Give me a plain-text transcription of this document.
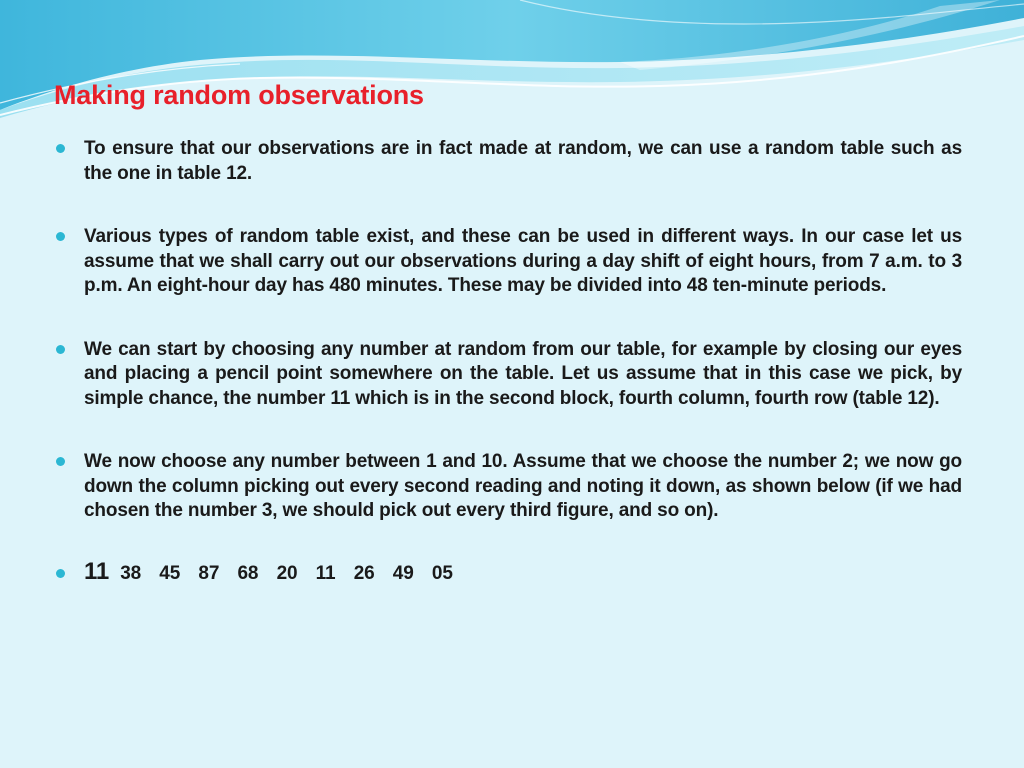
Making random observations
To ensure that our observations are in fact made at random, we can use a random table such as the one in table 12.
Various types of random table exist, and these can be used in different ways. In our case let us assume that we shall carry out our observations during a day shift of eight hours, from 7 a.m. to 3 p.m. An eight-hour day has 480 minutes. These may be divided into 48 ten-minute periods.
We can start by choosing any number at random from our table, for example by closing our eyes and placing a pencil point somewhere on the table. Let us assume that in this case we pick, by simple chance, the number 11 which is in the second block, fourth column, fourth row (table 12).
We now choose any number between 1 and 10. Assume that we choose the number 2; we now go down the column picking out every second reading and noting it down, as shown below (if we had chosen the number 3, we should pick out every third figure, and so on).
11 38  45  87  68  20  11  26  49  05
